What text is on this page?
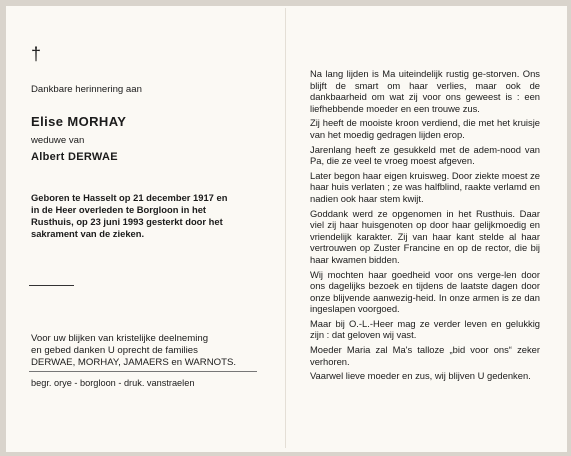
†
Dankbare herinnering aan
Elise MORHAY
weduwe van
Albert DERWAE
Geboren te Hasselt op 21 december 1917 en
in de Heer overleden te Borgloon in het
Rusthuis, op 23 juni 1993 gesterkt door het
sakrament van de zieken.
Voor uw blijken van kristelijke deelneming
en gebed danken U oprecht de families
DERWAE, MORHAY, JAMAERS en WARNOTS.
begr. orye - borgloon - druk. vanstraelen

Na lang lijden is Ma uiteindelijk rustig ge-storven. Ons blijft de smart om haar verlies, maar ook de dankbaarheid om wat zij voor ons geweest is : een liefhebbende moeder en een trouwe zus.

Zij heeft de mooiste kroon verdiend, die met het kruisje van het moedig gedragen lijden erop.

Jarenlang heeft ze gesukkeld met de adem-nood van Pa, die ze veel te vroeg moest afgeven.

Later begon haar eigen kruisweg. Door ziekte moest ze haar huis verlaten ; ze was halfblind, raakte verlamd en nadien ook haar stem kwijt.

Goddank werd ze opgenomen in het Rusthuis. Daar viel zij haar huisgenoten op door haar gelijkmoedig en vriendelijk karakter. Zij van haar kant stelde al haar vertrouwen op Zuster Francine en op de rector, die bij haar kwamen bidden.

Wij mochten haar goedheid voor ons verge-len door ons dagelijks bezoek en tijdens de laatste dagen door onze blijvende aanwezig-heid. In onze armen is ze dan ingeslapen voorgoed.

Maar bij O.-L.-Heer mag ze verder leven en gelukkig zijn : dat geloven wij vast.

Moeder Maria zal Ma's talloze „bid voor ons“ zeker verhoren.

Vaarwel lieve moeder en zus, wij blijven U gedenken.
